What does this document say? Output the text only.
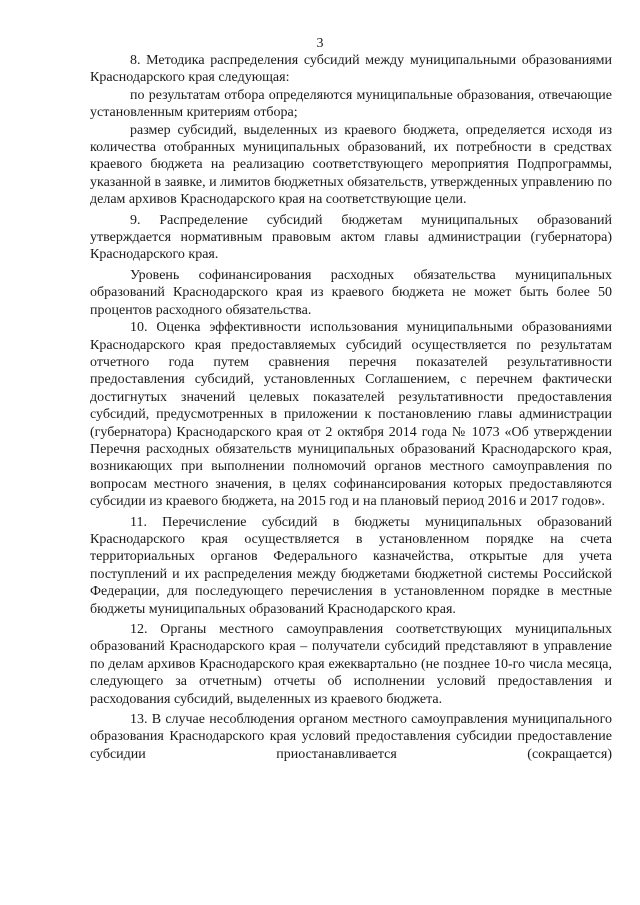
3

8. Методика распределения субсидий между муниципальными образованиями Краснодарского края следующая:

по результатам отбора определяются муниципальные образования, отвечающие установленным критериям отбора;

размер субсидий, выделенных из краевого бюджета, определяется исходя из количества отобранных муниципальных образований, их потребности в средствах краевого бюджета на реализацию соответствующего мероприятия Подпрограммы, указанной в заявке, и лимитов бюджетных обязательств, утвержденных управлению по делам архивов Краснодарского края на соответствующие цели.

9. Распределение субсидий бюджетам муниципальных образований утверждается нормативным правовым актом главы администрации (губернатора) Краснодарского края.

Уровень софинансирования расходных обязательства муниципальных образований Краснодарского края из краевого бюджета не может быть более 50 процентов расходного обязательства.

10. Оценка эффективности использования муниципальными образованиями Краснодарского края предоставляемых субсидий осуществляется по результатам отчетного года путем сравнения перечня показателей результативности предоставления субсидий, установленных Соглашением, с перечнем фактически достигнутых значений целевых показателей результативности предоставления субсидий, предусмотренных в приложении к постановлению главы администрации (губернатора) Краснодарского края от 2 октября 2014 года № 1073 «Об утверждении Перечня расходных обязательств муниципальных образований Краснодарского края, возникающих при выполнении полномочий органов местного самоуправления по вопросам местного значения, в целях софинансирования которых предоставляются субсидии из краевого бюджета, на 2015 год и на плановый период 2016 и 2017 годов».

11. Перечисление субсидий в бюджеты муниципальных образований Краснодарского края осуществляется в установленном порядке на счета территориальных органов Федерального казначейства, открытые для учета поступлений и их распределения между бюджетами бюджетной системы Российской Федерации, для последующего перечисления в установленном порядке в местные бюджеты муниципальных образований Краснодарского края.

12. Органы местного самоуправления соответствующих муниципальных образований Краснодарского края – получатели субсидий представляют в управление по делам архивов Краснодарского края ежеквартально (не позднее 10-го числа месяца, следующего за отчетным) отчеты об исполнении условий предоставления и расходования субсидий, выделенных из краевого бюджета.

13. В случае несоблюдения органом местного самоуправления муниципального образования Краснодарского края условий предоставления субсидии предоставление субсидии приостанавливается (сокращается)
